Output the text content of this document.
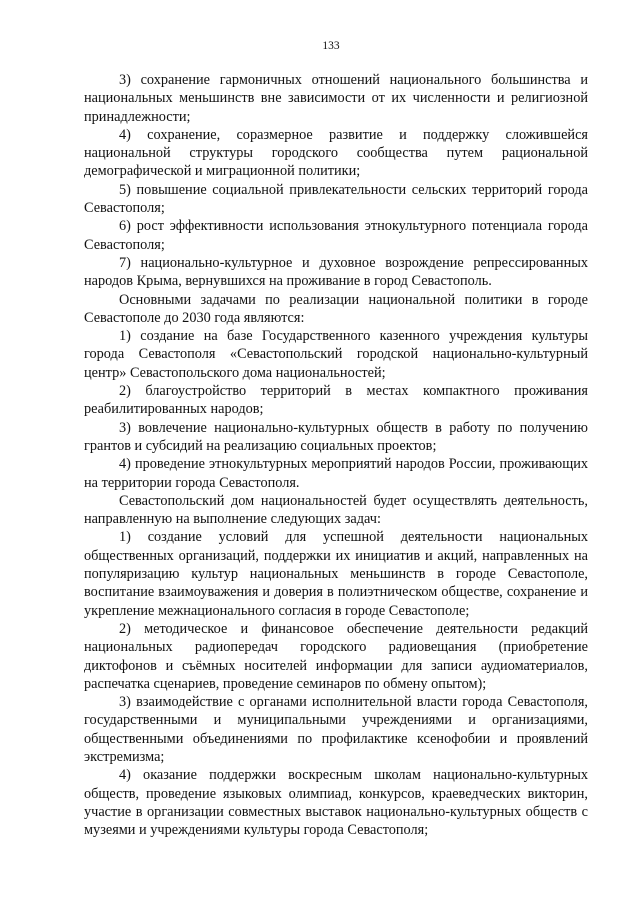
133

3) сохранение гармоничных отношений национального большинства и национальных меньшинств вне зависимости от их численности и религиозной принадлежности;

4) сохранение, соразмерное развитие и поддержку сложившейся национальной структуры городского сообщества путем рациональной демографической и миграционной политики;

5) повышение социальной привлекательности сельских территорий города Севастополя;

6) рост эффективности использования этнокультурного потенциала города Севастополя;

7) национально-культурное и духовное возрождение репрессированных народов Крыма, вернувшихся на проживание в город Севастополь.

Основными задачами по реализации национальной политики в городе Севастополе до 2030 года являются:

1) создание на базе Государственного казенного учреждения культуры города Севастополя «Севастопольский городской национально-культурный центр» Севастопольского дома национальностей;

2) благоустройство территорий в местах компактного проживания реабилитированных народов;

3) вовлечение национально-культурных обществ в работу по получению грантов и субсидий на реализацию социальных проектов;

4) проведение этнокультурных мероприятий народов России, проживающих на территории города Севастополя.

Севастопольский дом национальностей будет осуществлять деятельность, направленную на выполнение следующих задач:

1) создание условий для успешной деятельности национальных общественных организаций, поддержки их инициатив и акций, направленных на популяризацию культур национальных меньшинств в городе Севастополе, воспитание взаимоуважения и доверия в полиэтническом обществе, сохранение и укрепление межнационального согласия в городе Севастополе;

2) методическое и финансовое обеспечение деятельности редакций национальных радиопередач городского радиовещания (приобретение диктофонов и съёмных носителей информации для записи аудиоматериалов, распечатка сценариев, проведение семинаров по обмену опытом);

3) взаимодействие с органами исполнительной власти города Севастополя, государственными и муниципальными учреждениями и организациями, общественными объединениями по профилактике ксенофобии и проявлений экстремизма;

4) оказание поддержки воскресным школам национально-культурных обществ, проведение языковых олимпиад, конкурсов, краеведческих викторин, участие в организации совместных выставок национально-культурных обществ с музеями и учреждениями культуры города Севастополя;
